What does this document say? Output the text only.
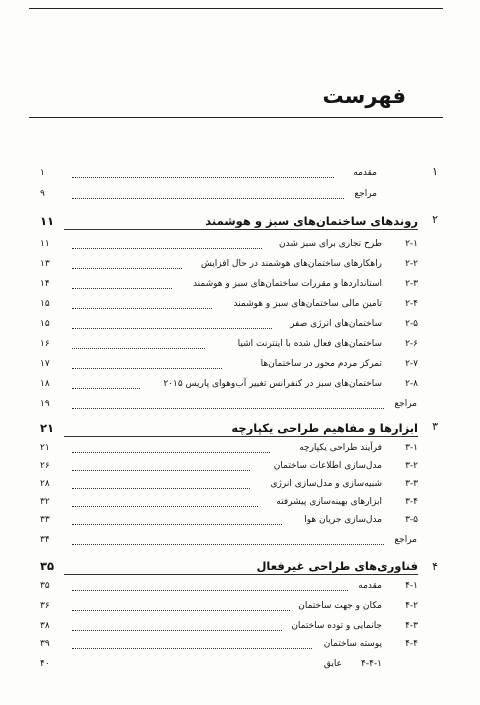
فهرست
۱
مقدمه
۱
مراجع
۹
۲
روندهای ساختمان‌های سبز و هوشمند
۱۱
۲-۱
طرح تجاری برای سبز شدن
۱۱
۲-۲
راهکارهای ساختمان‌های هوشمند در حال افزایش
۱۳
۲-۳
استانداردها و مقررات ساختمان‌های سبز و هوشمند
۱۴
۲-۴
تامین مالی ساختمان‌های سبز و هوشمند
۱۵
۲-۵
ساختمان‌های انرژی صفر
۱۵
۲-۶
ساختمان‌های فعال شده با اینترنت اشیا
۱۶
۲-۷
تمرکز مردم محور در ساختمان‌ها
۱۷
۲-۸
ساختمان‌های سبز در کنفرانس تغییر آب‌وهوای پاریس ۲۰۱۵
۱۸
مراجع
۱۹
۳
ابزارها و مفاهیم طراحی یکپارچه
۲۱
۳-۱
فرآیند طراحی یکپارچه
۲۱
۳-۲
مدل‌سازی اطلاعات ساختمان
۲۶
۳-۳
شبیه‌سازی و مدل‌سازی انرژی
۲۸
۳-۴
ابزارهای بهینه‌سازی پیشرفته
۳۲
۳-۵
مدل‌سازی جریان هوا
۳۳
مراجع
۳۴
۴
فناوری‌های طراحی غیرفعال
۳۵
۴-۱
مقدمه
۳۵
۴-۲
مکان و جهت ساختمان
۳۶
۴-۳
جانمایی و توده ساختمان
۳۸
۴-۴
پوسته ساختمان
۳۹
۴-۴-۱
عایق
۴۰
